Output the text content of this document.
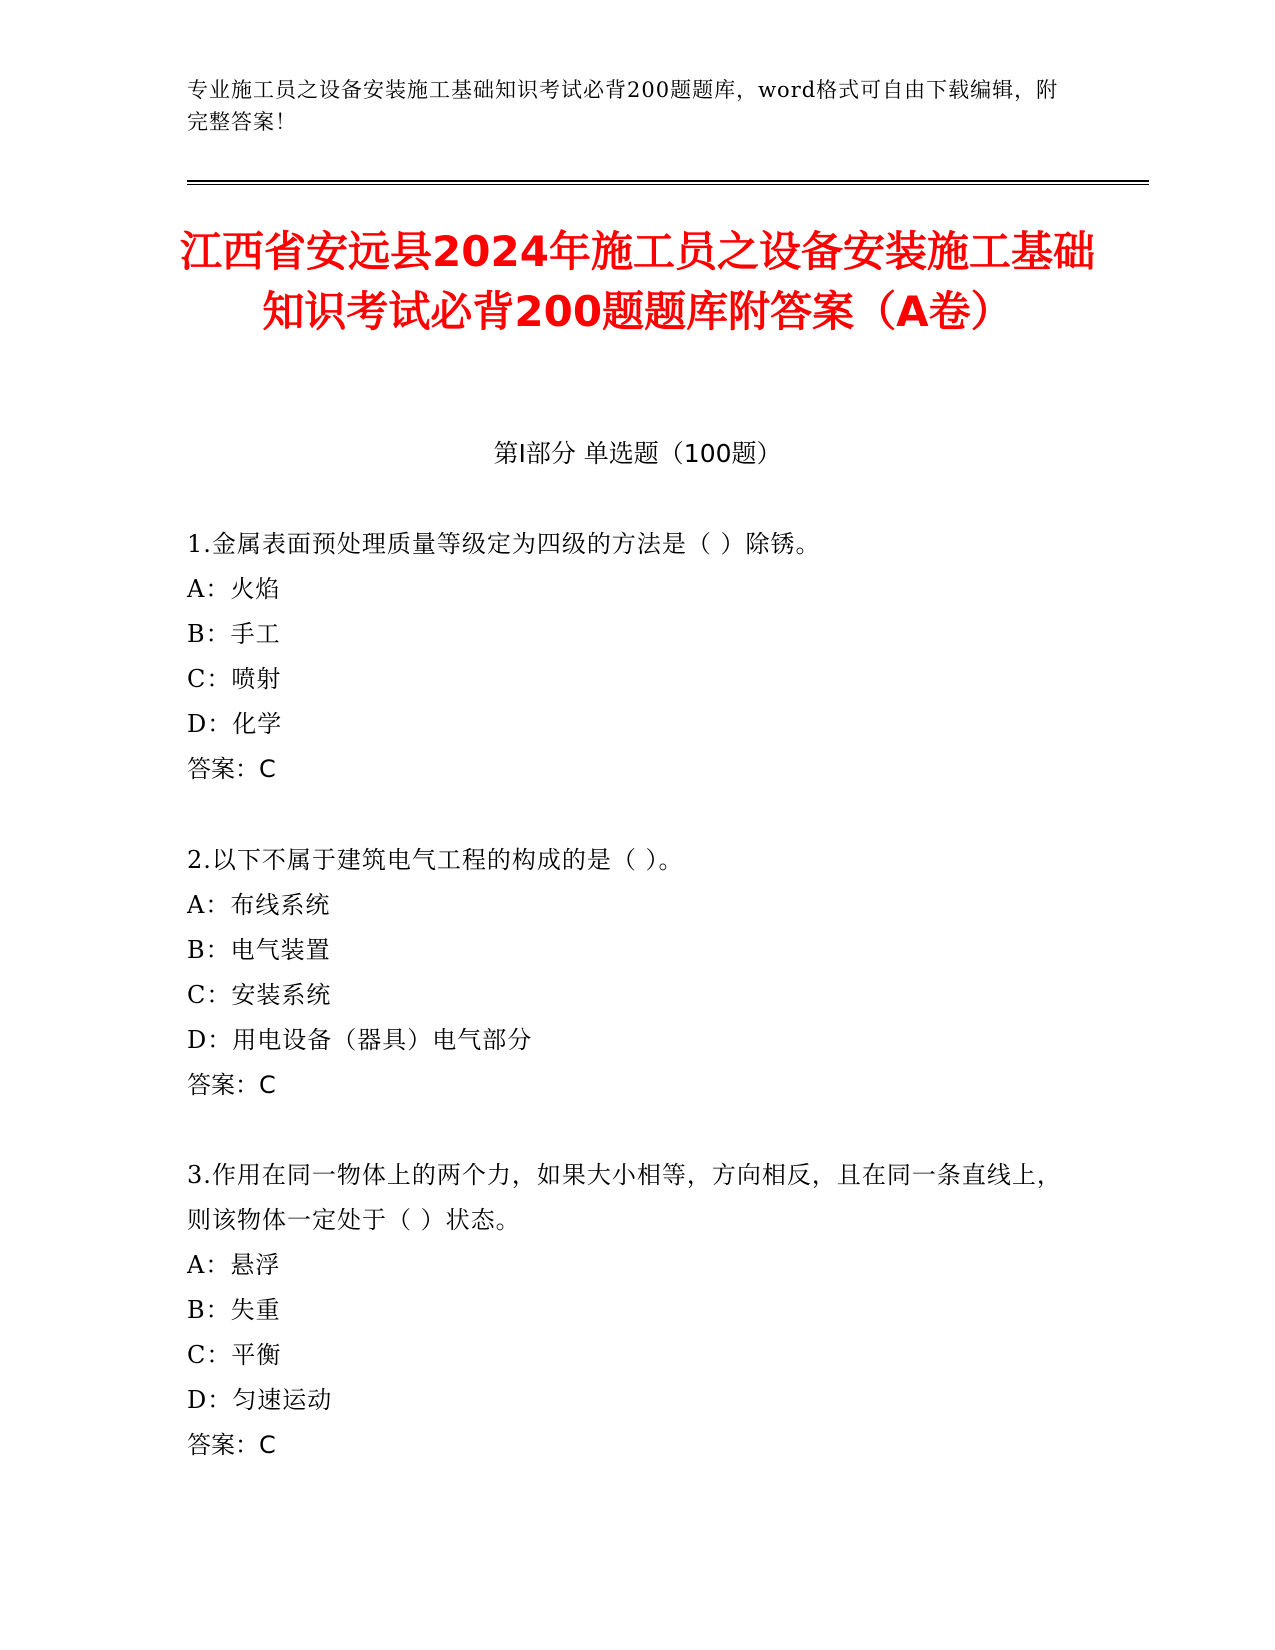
专业施工员之设备安装施工基础知识考试必背200题题库，word格式可自由下载编辑，附完整答案！

江西省安远县2024年施工员之设备安装施工基础知识考试必背200题题库附答案（A卷）
第I部分 单选题（100题）

1.金属表面预处理质量等级定为四级的方法是（ ）除锈。

A：火焰

B：手工

C：喷射

D：化学

答案：C

2.以下不属于建筑电气工程的构成的是（ ）。

A：布线系统

B：电气装置

C：安装系统

D：用电设备（器具）电气部分

答案：C

3.作用在同一物体上的两个力，如果大小相等，方向相反，且在同一条直线上，则该物体一定处于（ ）状态。

A：悬浮

B：失重

C：平衡

D：匀速运动

答案：C
